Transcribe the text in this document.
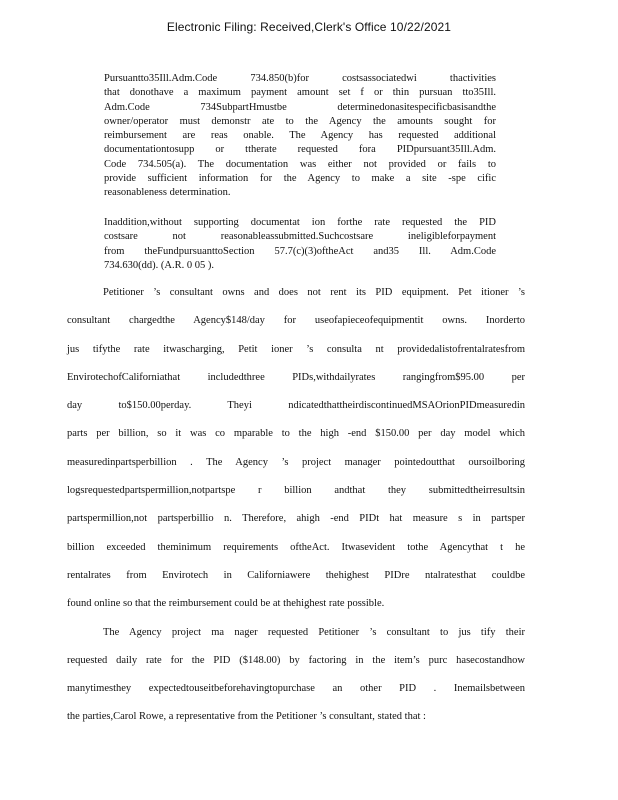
Electronic Filing: Received,Clerk's Office 10/22/2021

Pursuantto35Ill.Adm.Code 734.850(b)for costsassociatedwi thactivities

that donothave a maximum payment amount set f or thin pursuan tto35Ill.

Adm.Code 734SubpartHmustbe determinedonasitespecificbasisandthe

owner/operator must demonstr ate to the Agency the amounts sought for

reimbursement are reas onable. The Agency has requested additional

documentationtosupp or ttherate requested fora PIDpursuant35Ill.Adm.

Code 734.505(a). The documentation was either not provided or fails to

provide sufficient information for the Agency to make a site -spe cific

reasonableness determination.

Inaddition,without supporting documentat ion forthe rate requested the PID

costsare not reasonableassubmitted.Suchcostsare ineligibleforpayment

from theFundpursuanttoSection 57.7(c)(3)oftheAct and35 Ill. Adm.Code

734.630(dd). (A.R. 0 05 ).

Petitioner ’s consultant owns and does not rent its PID equipment. Pet itioner ’s

consultant chargedthe Agency$148/day for useofapieceofequipmentit owns. Inorderto

jus tifythe rate itwascharging, Petit ioner ’s consulta nt providedalistofrentalratesfrom

EnvirotechofCaliforniathat includedthree PIDs,withdailyrates rangingfrom$95.00 per

day to$150.00perday. Theyi ndicatedthattheirdiscontinuedMSAOrionPIDmeasuredin

parts per billion, so it was co mparable to the high -end $150.00 per day model which

measuredinpartsperbillion . The Agency ’s project manager pointedoutthat oursoilboring

logsrequestedpartspermillion,notpartspe r billion andthat they submittedtheirresultsin

partspermillion,not partsperbillio n. Therefore, ahigh -end PIDt hat measure s in partsper

billion exceeded theminimum requirements oftheAct. Itwasevident tothe Agencythat t he

rentalrates from Envirotech in Californiawere thehighest PIDre ntalratesthat couldbe

found online so that the reimbursement could be at thehighest rate possible.

The Agency project ma nager requested Petitioner ’s consultant to jus tify their

requested daily rate for the PID ($148.00) by factoring in the item’s purc hasecostandhow

manytimesthey expectedtouseitbeforehavingtopurchase an other PID . Inemailsbetween

the parties,Carol Rowe, a representative from the Petitioner ’s consultant, stated that :
